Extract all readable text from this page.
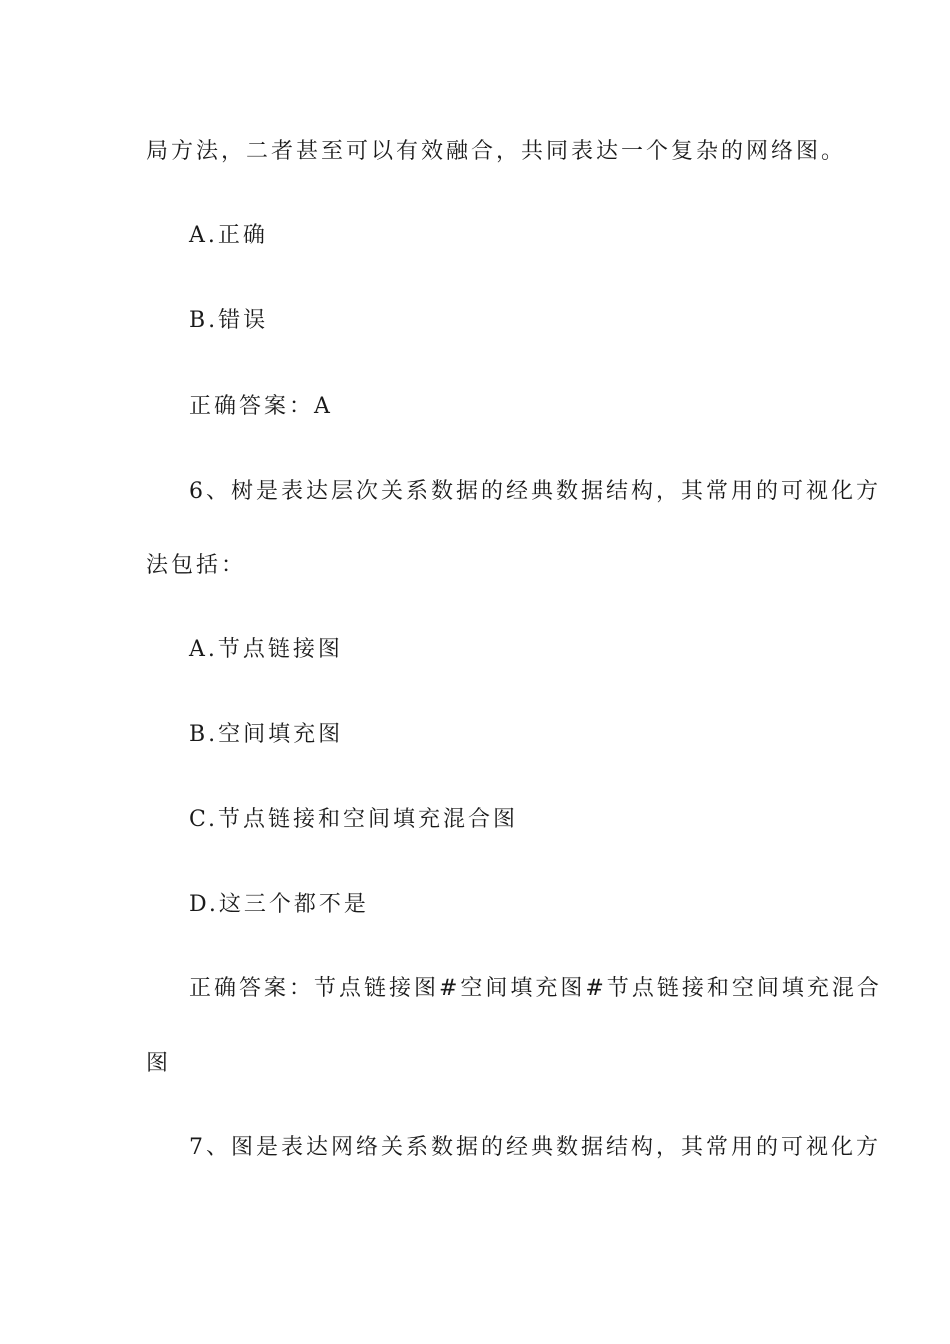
局方法，二者甚至可以有效融合，共同表达一个复杂的网络图。
A.正确
B.错误
正确答案：A
6、树是表达层次关系数据的经典数据结构，其常用的可视化方
法包括：
A.节点链接图
B.空间填充图
C.节点链接和空间填充混合图
D.这三个都不是
正确答案：节点链接图#空间填充图#节点链接和空间填充混合
图
7、图是表达网络关系数据的经典数据结构，其常用的可视化方
